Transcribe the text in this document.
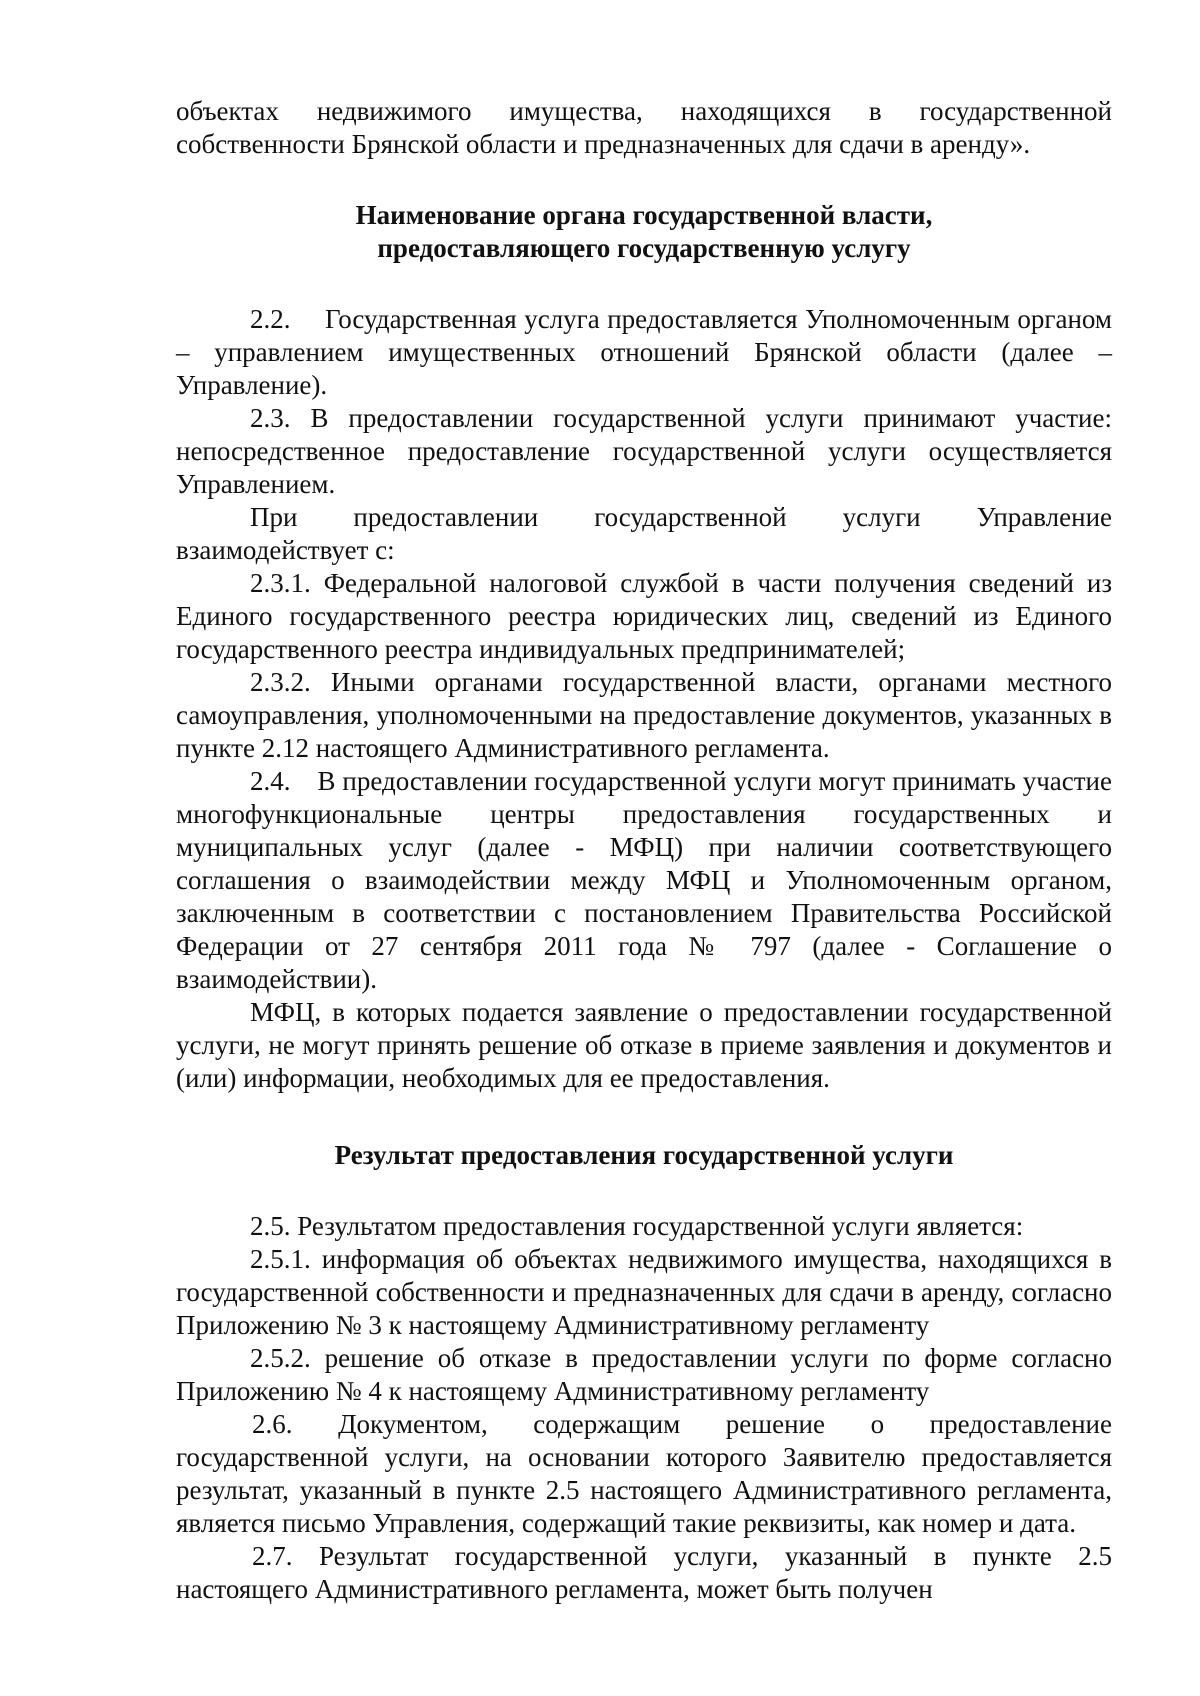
объектах недвижимого имущества, находящихся в государственной собственности Брянской области и предназначенных для сдачи в аренду».

Наименование органа государственной власти,

предоставляющего государственную услугу

2.2.  Государственная услуга предоставляется Уполномоченным органом – управлением имущественных отношений Брянской области (далее – Управление).

2.3. В предоставлении государственной услуги принимают участие: непосредственное предоставление государственной услуги осуществляется Управлением.

При предоставлении государственной услуги Управление взаимодействует с:

2.3.1. Федеральной налоговой службой в части получения сведений из Единого государственного реестра юридических лиц, сведений из Единого государственного реестра индивидуальных предпринимателей;

2.3.2. Иными органами государственной власти, органами местного самоуправления, уполномоченными на предоставление документов, указанных в пункте 2.12 настоящего Административного регламента.

2.4. В предоставлении государственной услуги могут принимать участие многофункциональные центры предоставления государственных и муниципальных услуг (далее - МФЦ) при наличии соответствующего соглашения о взаимодействии между МФЦ и Уполномоченным органом, заключенным в соответствии с постановлением Правительства Российской Федерации от 27 сентября 2011 года № 797 (далее - Соглашение о взаимодействии).

МФЦ, в которых подается заявление о предоставлении государственной услуги, не могут принять решение об отказе в приеме заявления и документов и (или) информации, необходимых для ее предоставления.

Результат предоставления государственной услуги

2.5. Результатом предоставления государственной услуги является:

2.5.1. информация об объектах недвижимого имущества, находящихся в государственной собственности и предназначенных для сдачи в аренду, согласно Приложению № 3 к настоящему Административному регламенту

2.5.2. решение об отказе в предоставлении услуги по форме согласно Приложению № 4 к настоящему Административному регламенту

2.6. Документом, содержащим решение о предоставление государственной услуги, на основании которого Заявителю предоставляется результат, указанный в пункте 2.5 настоящего Административного регламента, является письмо Управления, содержащий такие реквизиты, как номер и дата.

2.7. Результат государственной услуги, указанный в пункте 2.5 настоящего Административного регламента, может быть получен
